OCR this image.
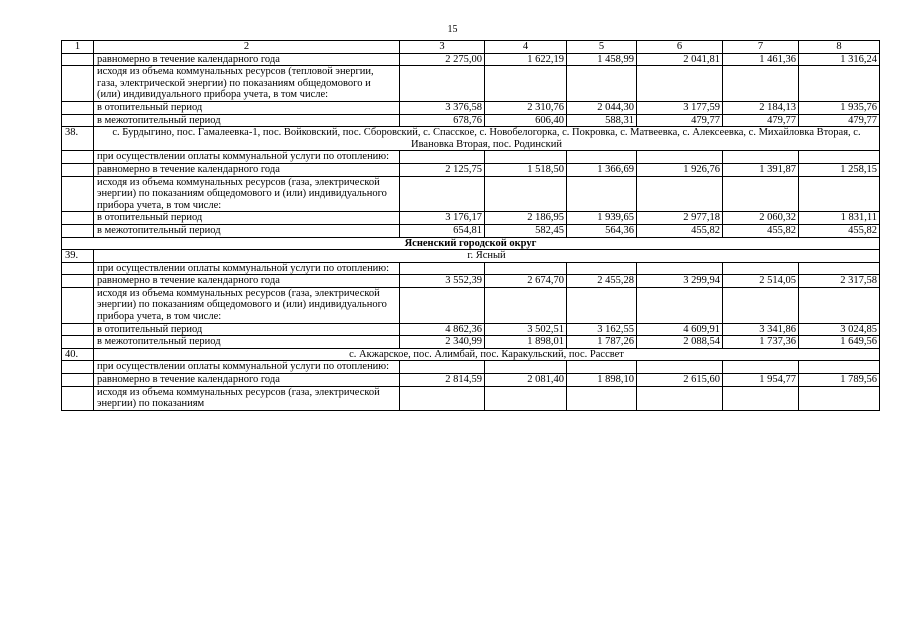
15
1	2	3	4	5	6	7	8
	равномерно в течение календарного года	2 275,00	1 622,19	1 458,99	2 041,81	1 461,36	1 316,24
	исходя из объема коммунальных ресурсов (тепловой энергии, газа, электрической энергии) по показаниям общедомового и (или) индивидуального прибора учета, в том числе:						
	в отопительный период	3 376,58	2 310,76	2 044,30	3 177,59	2 184,13	1 935,76
	в межотопительный период	678,76	606,40	588,31	479,77	479,77	479,77
38.	с. Бурдыгино, пос. Гамалеевка-1, пос. Войковский, пос. Сборовский, с. Спасское, с. Новобелогорка, с. Покровка, с. Матвеевка, с. Алексеевка, с. Михайловка Вторая, с. Ивановка Вторая, пос. Родинский						
	при осуществлении оплаты коммунальной услуги по отоплению:						
	равномерно в течение календарного года	2 125,75	1 518,50	1 366,69	1 926,76	1 391,87	1 258,15
	исходя из объема коммунальных ресурсов (газа, электрической энергии) по показаниям общедомового и (или) индивидуального прибора учета, в том числе:						
	в отопительный период	3 176,17	2 186,95	1 939,65	2 977,18	2 060,32	1 831,11
	в межотопительный период	654,81	582,45	564,36	455,82	455,82	455,82
Ясненский городской округ							
39.	г. Ясный						
	при осуществлении оплаты коммунальной услуги по отоплению:						
	равномерно в течение календарного года	3 552,39	2 674,70	2 455,28	3 299,94	2 514,05	2 317,58
	исходя из объема коммунальных ресурсов (газа, электрической энергии) по показаниям общедомового и (или) индивидуального прибора учета, в том числе:						
	в отопительный период	4 862,36	3 502,51	3 162,55	4 609,91	3 341,86	3 024,85
	в межотопительный период	2 340,99	1 898,01	1 787,26	2 088,54	1 737,36	1 649,56
40.	с. Акжарское, пос. Алимбай, пос. Каракульский, пос. Рассвет						
	при осуществлении оплаты коммунальной услуги по отоплению:						
	равномерно в течение календарного года	2 814,59	2 081,40	1 898,10	2 615,60	1 954,77	1 789,56
	исходя из объема коммунальных ресурсов (газа, электрической энергии) по показаниям						
